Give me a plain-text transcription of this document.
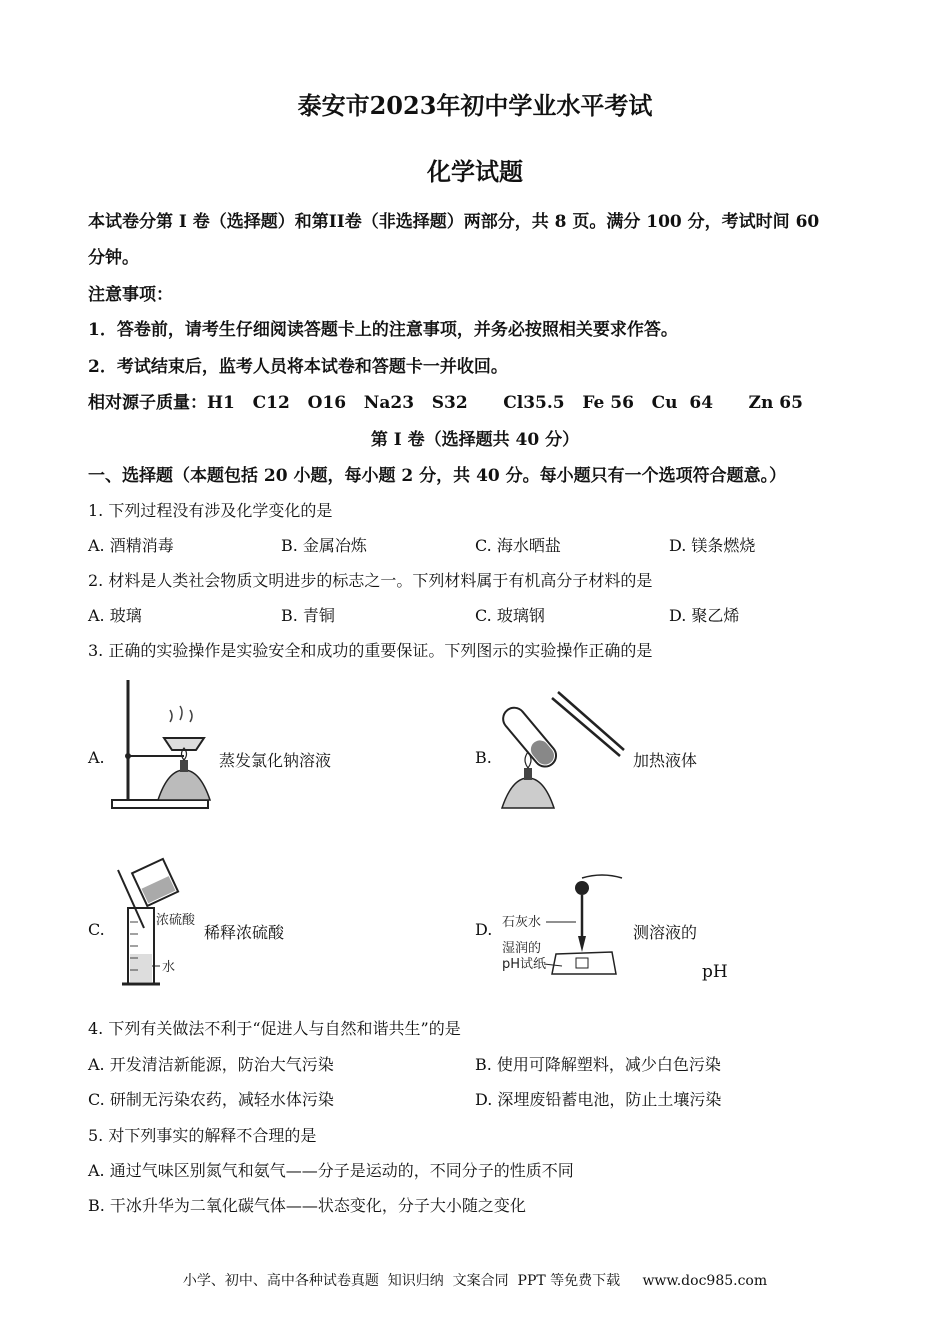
泰安市2023年初中学业水平考试
化学试题
本试卷分第 I 卷（选择题）和第II卷（非选择题）两部分，共 8 页。满分 100 分，考试时间 60
分钟。
注意事项：
1．答卷前，请考生仔细阅读答题卡上的注意事项，并务必按照相关要求作答。
2．考试结束后，监考人员将本试卷和答题卡一并收回。
相对源子质量：H1   C12   O16   Na23   S32      Cl35.5   Fe 56   Cu  64      Zn 65
第 I 卷（选择题共 40 分）
一、选择题（本题包括 20 小题，每小题 2 分，共 40 分。每小题只有一个选项符合题意。）
1. 下列过程没有涉及化学变化的是
A. 酒精消毒	B. 金属冶炼	C. 海水晒盐	D. 镁条燃烧
2. 材料是人类社会物质文明进步的标志之一。下列材料属于有机高分子材料的是
A. 玻璃	B. 青铜	C. 玻璃钢	D. 聚乙烯
3. 正确的实验操作是实验安全和成功的重要保证。下列图示的实验操作正确的是
A.	蒸发氯化钠溶液	B.	加热液体
C.	浓硫酸
水
稀释浓硫酸	D. 石灰水
湿润的
pH试纸
测溶液的
pH
4. 下列有关做法不利于“促进人与自然和谐共生”的是
A. 开发清洁新能源，防治大气污染	B. 使用可降解塑料，减少白色污染
C. 研制无污染农药，减轻水体污染	D. 深埋废铅蓄电池，防止土壤污染
5. 对下列事实的解释不合理的是
A. 通过气味区别氮气和氨气——分子是运动的，不同分子的性质不同
B. 干冰升华为二氧化碳气体——状态变化，分子大小随之变化
小学、初中、高中各种试卷真题  知识归纳  文案合同  PPT 等免费下载     www.doc985.com
